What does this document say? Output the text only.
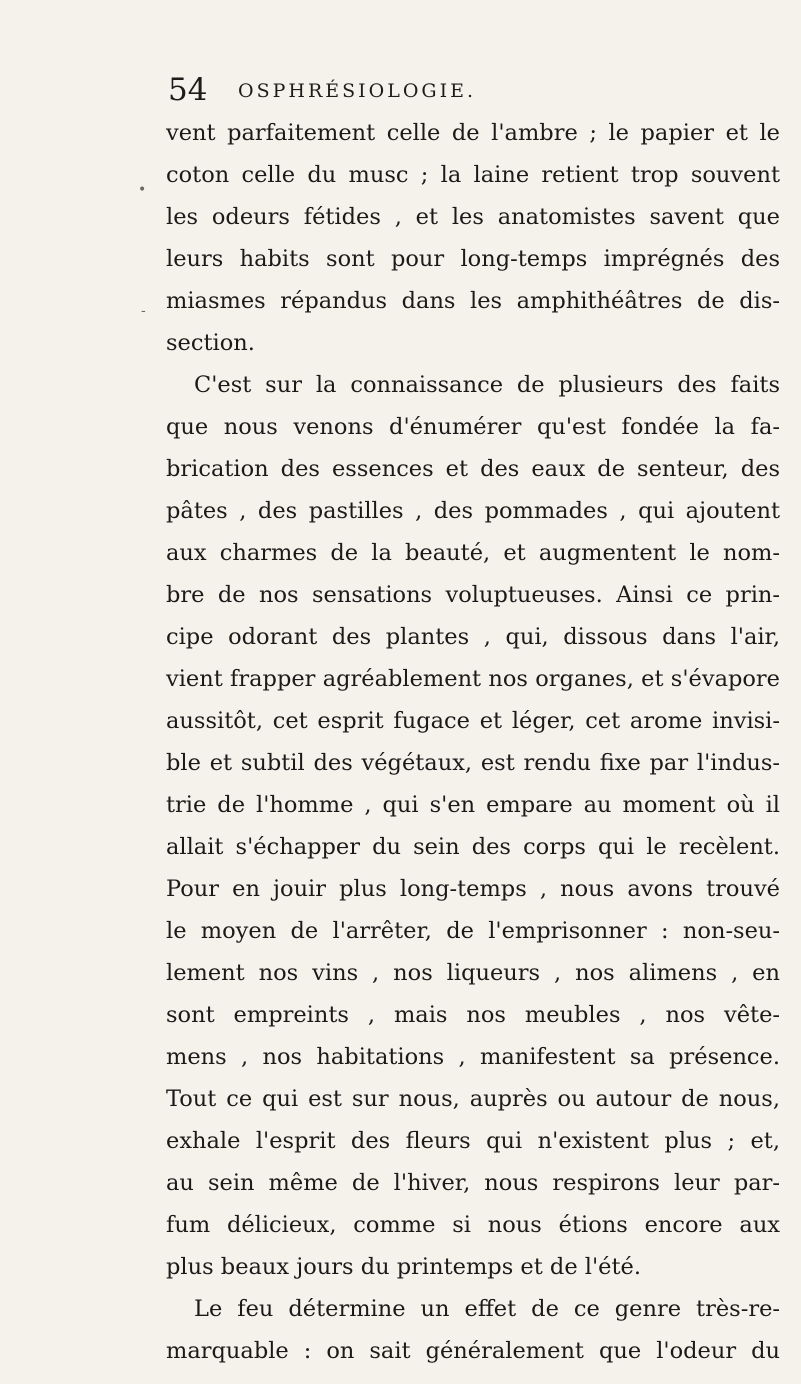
54 OSPHRÉSIOLOGIE.
•
-
vent parfaitement celle de l'ambre ; le papier et le
coton celle du musc ; la laine retient trop souvent
les odeurs fétides , et les anatomistes savent que
leurs habits sont pour long-temps imprégnés des
miasmes répandus dans les amphithéâtres de dis-
section.
C'est sur la connaissance de plusieurs des faits
que nous venons d'énumérer qu'est fondée la fa-
brication des essences et des eaux de senteur, des
pâtes , des pastilles , des pommades , qui ajoutent
aux charmes de la beauté, et augmentent le nom-
bre de nos sensations voluptueuses. Ainsi ce prin-
cipe odorant des plantes , qui, dissous dans l'air,
vient frapper agréablement nos organes, et s'évapore
aussitôt, cet esprit fugace et léger, cet arome invisi-
ble et subtil des végétaux, est rendu fixe par l'indus-
trie de l'homme , qui s'en empare au moment où il
allait s'échapper du sein des corps qui le recèlent.
Pour en jouir plus long-temps , nous avons trouvé
le moyen de l'arrêter, de l'emprisonner : non-seu-
lement nos vins , nos liqueurs , nos alimens , en
sont empreints , mais nos meubles , nos vête-
mens , nos habitations , manifestent sa présence.
Tout ce qui est sur nous, auprès ou autour de nous,
exhale l'esprit des fleurs qui n'existent plus ; et,
au sein même de l'hiver, nous respirons leur par-
fum délicieux, comme si nous étions encore aux
plus beaux jours du printemps et de l'été.
Le feu détermine un effet de ce genre très-re-
marquable : on sait généralement que l'odeur du
